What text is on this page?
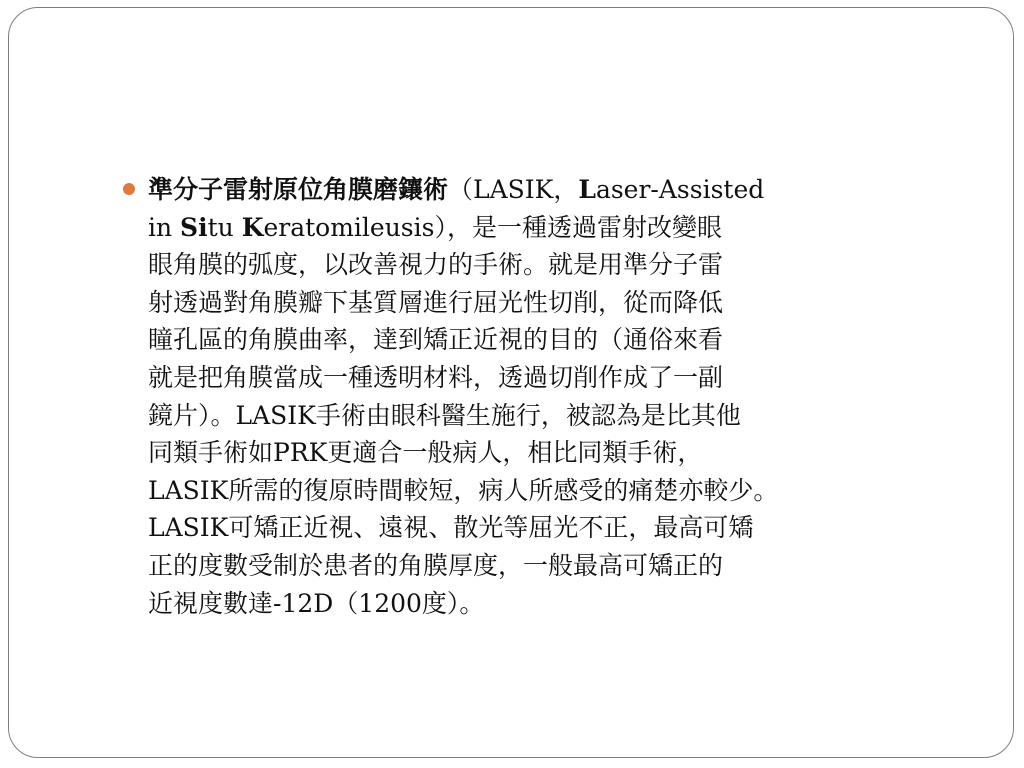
準分子雷射原位角膜磨鑲術（LASIK，Laser-Assisted
in Situ Keratomileusis），是一種透過雷射改變眼
眼角膜的弧度，以改善視力的手術。就是用準分子雷
射透過對角膜瓣下基質層進行屈光性切削，從而降低
瞳孔區的角膜曲率，達到矯正近視的目的（通俗來看
就是把角膜當成一種透明材料，透過切削作成了一副
鏡片）。LASIK手術由眼科醫生施行，被認為是比其他
同類手術如PRK更適合一般病人，相比同類手術，
LASIK所需的復原時間較短，病人所感受的痛楚亦較少。
LASIK可矯正近視、遠視、散光等屈光不正，最高可矯
正的度數受制於患者的角膜厚度，一般最高可矯正的
近視度數達-12D（1200度）。
